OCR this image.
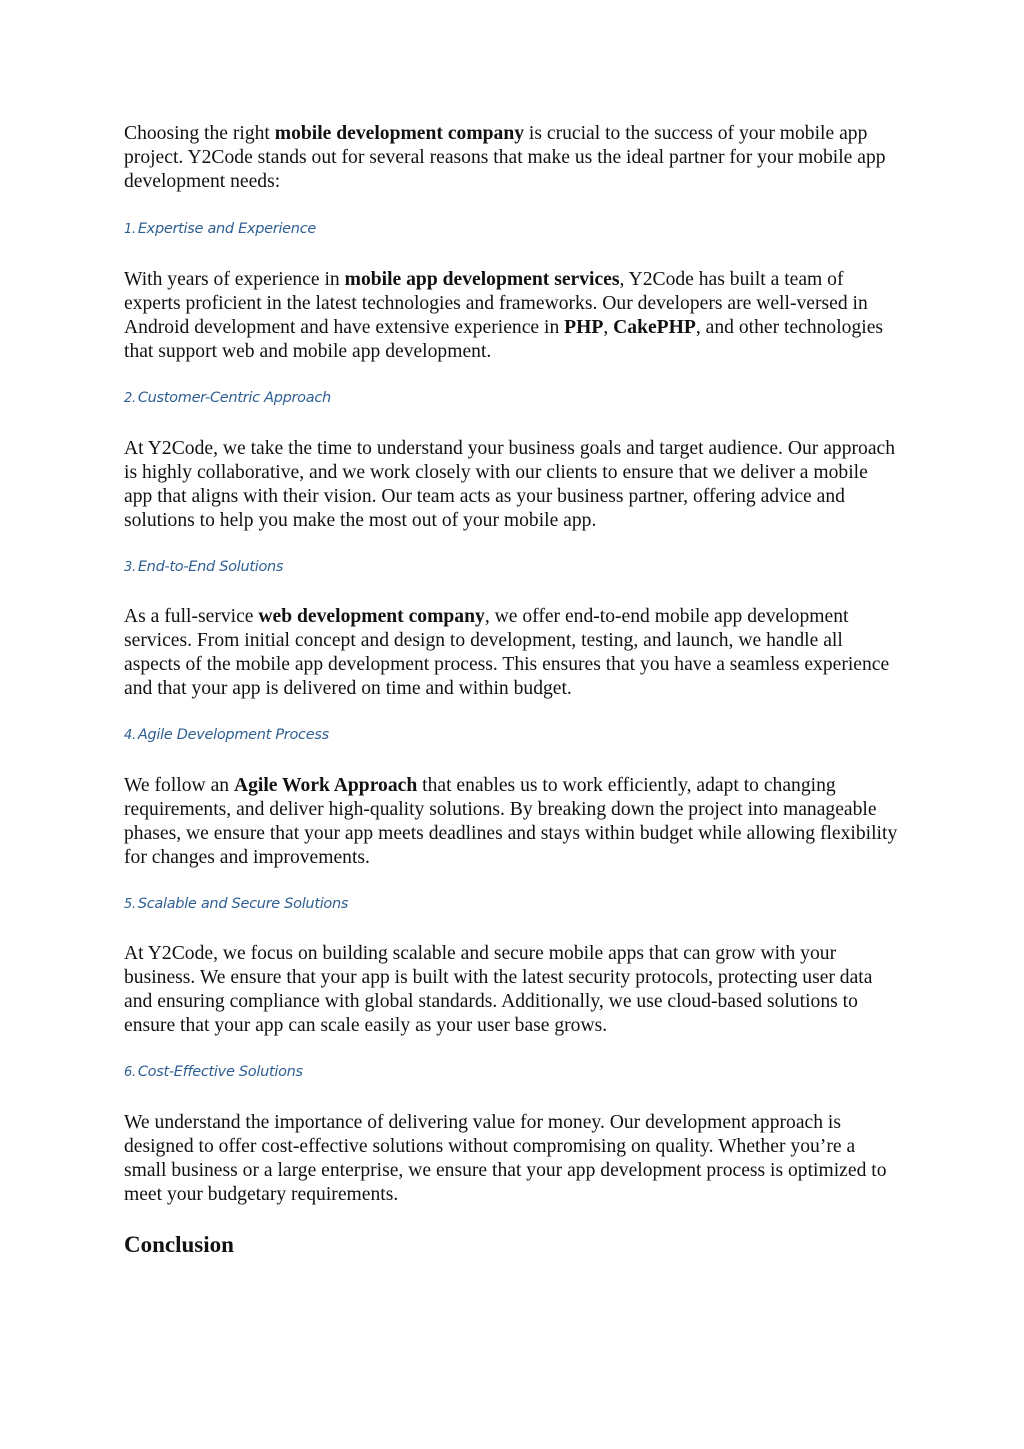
Choosing the right mobile development company is crucial to the success of your mobile app project. Y2Code stands out for several reasons that make us the ideal partner for your mobile app development needs:

1. Expertise and Experience

With years of experience in mobile app development services, Y2Code has built a team of experts proficient in the latest technologies and frameworks. Our developers are well-versed in Android development and have extensive experience in PHP, CakePHP, and other technologies that support web and mobile app development.

2. Customer-Centric Approach

At Y2Code, we take the time to understand your business goals and target audience. Our approach is highly collaborative, and we work closely with our clients to ensure that we deliver a mobile app that aligns with their vision. Our team acts as your business partner, offering advice and solutions to help you make the most out of your mobile app.

3. End-to-End Solutions

As a full-service web development company, we offer end-to-end mobile app development services. From initial concept and design to development, testing, and launch, we handle all aspects of the mobile app development process. This ensures that you have a seamless experience and that your app is delivered on time and within budget.

4. Agile Development Process

We follow an Agile Work Approach that enables us to work efficiently, adapt to changing requirements, and deliver high-quality solutions. By breaking down the project into manageable phases, we ensure that your app meets deadlines and stays within budget while allowing flexibility for changes and improvements.

5. Scalable and Secure Solutions

At Y2Code, we focus on building scalable and secure mobile apps that can grow with your business. We ensure that your app is built with the latest security protocols, protecting user data and ensuring compliance with global standards. Additionally, we use cloud-based solutions to ensure that your app can scale easily as your user base grows.

6. Cost-Effective Solutions

We understand the importance of delivering value for money. Our development approach is designed to offer cost-effective solutions without compromising on quality. Whether you’re a small business or a large enterprise, we ensure that your app development process is optimized to meet your budgetary requirements.

Conclusion
